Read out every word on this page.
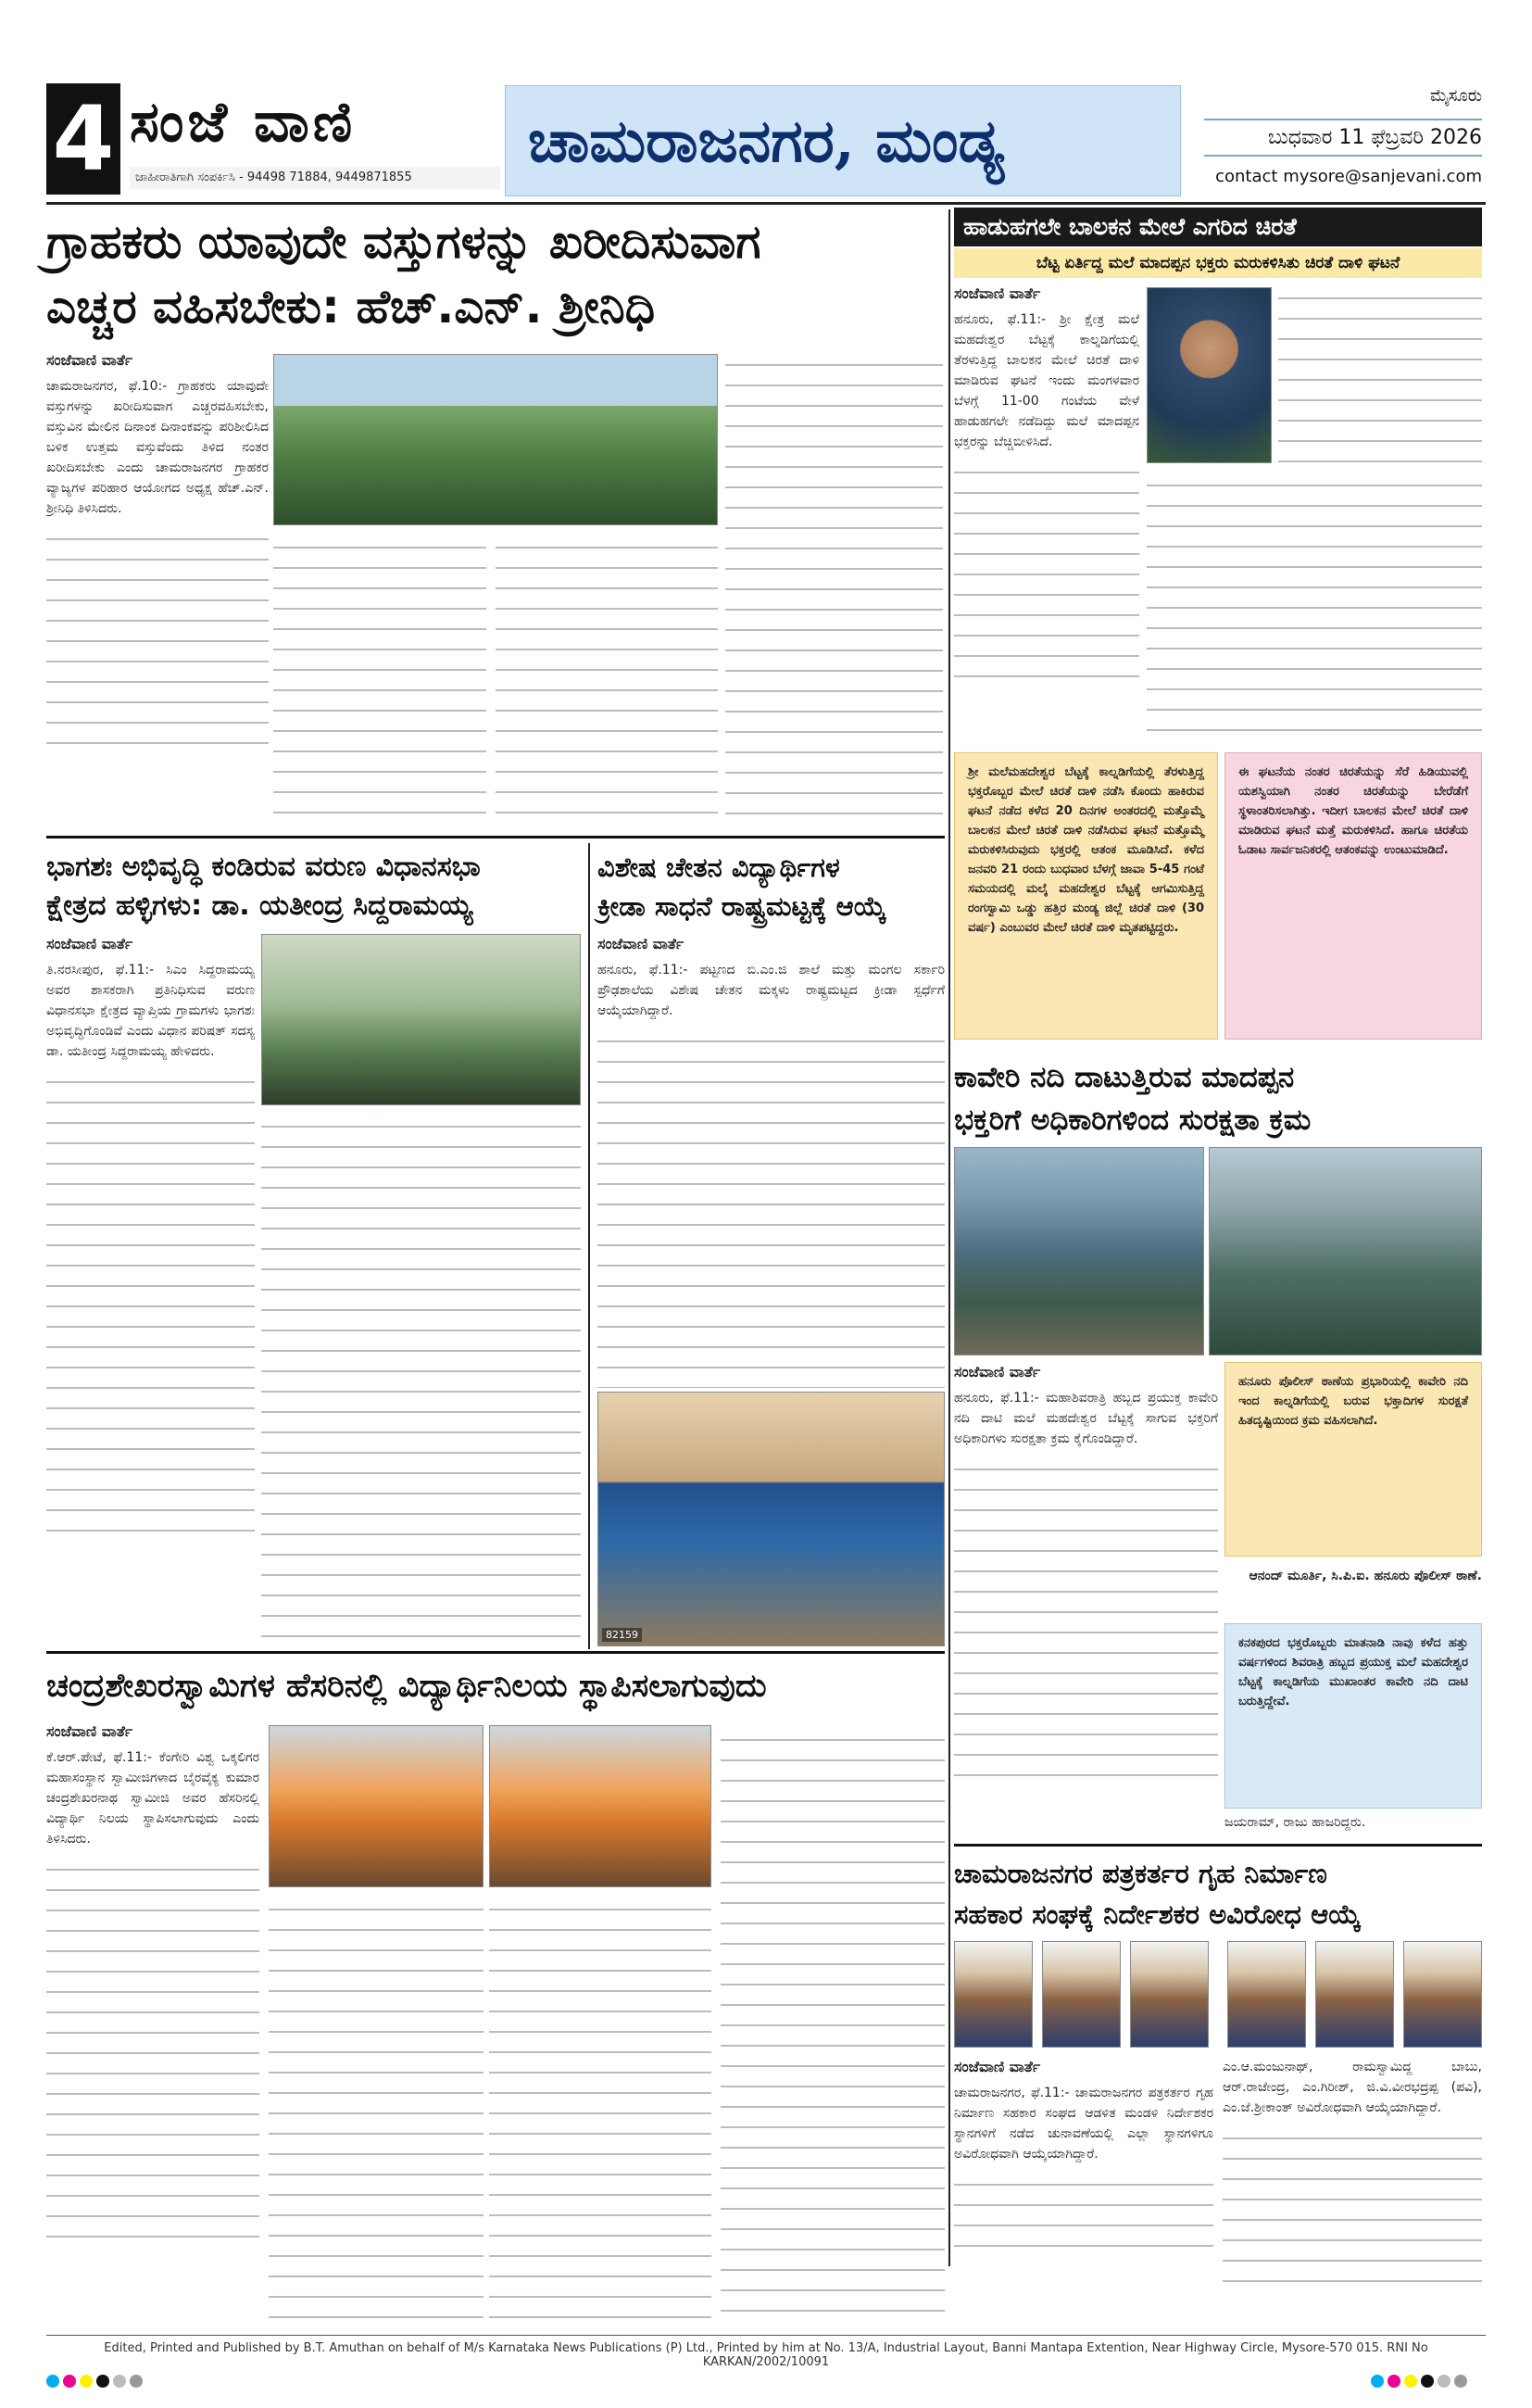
4 ಸಂಜೆ ವಾಣಿ
ಜಾಹೀರಾತಿಗಾಗಿ ಸಂಪರ್ಕಿಸಿ - 94498 71884, 9449871855
ಚಾಮರಾಜನಗರ, ಮಂಡ್ಯ
ಮೈಸೂರು
ಬುಧವಾರ 11 ಫೆಬ್ರವರಿ 2026
contact mysore@sanjevani.com
ಗ್ರಾಹಕರು ಯಾವುದೇ ವಸ್ತುಗಳನ್ನು ಖರೀದಿಸುವಾಗ
ಎಚ್ಚರ ವಹಿಸಬೇಕು: ಹೆಚ್.ಎನ್. ಶ್ರೀನಿಧಿ

ಸಂಜೆವಾಣಿ ವಾರ್ತೆ

ಚಾಮರಾಜನಗರ, ಫೆ.10:- ಗ್ರಾಹಕರು ಯಾವುದೇ ವಸ್ತುಗಳನ್ನು ಖರೀದಿಸುವಾಗ ಎಚ್ಚರವಹಿಸಬೇಕು, ವಸ್ತುವಿನ ಮೇಲಿನ ದಿನಾಂಕ ದಿನಾಂಕವನ್ನು ಪರಿಶೀಲಿಸಿದ ಬಳಿಕ ಉತ್ತಮ ವಸ್ತುವೆಂದು ತಿಳಿದ ನಂತರ ಖರೀದಿಸಬೇಕು ಎಂದು ಚಾಮರಾಜನಗರ ಗ್ರಾಹಕರ ವ್ಯಾಜ್ಯಗಳ ಪರಿಹಾರ ಆಯೋಗದ ಅಧ್ಯಕ್ಷ ಹೆಚ್.ಎನ್. ಶ್ರೀನಿಧಿ ತಿಳಿಸಿದರು.

ಹಾಡುಹಗಲೇ ಬಾಲಕನ ಮೇಲೆ ಎಗರಿದ ಚಿರತೆ
ಬೆಟ್ಟ ಏರ್ತಿದ್ದ ಮಲೆ ಮಾದಪ್ಪನ ಭಕ್ತರು ಮರುಕಳಿಸಿತು ಚಿರತೆ ದಾಳಿ ಘಟನೆ

ಸಂಜೆವಾಣಿ ವಾರ್ತೆ

ಹನೂರು, ಫೆ.11:- ಶ್ರೀ ಕ್ಷೇತ್ರ ಮಲೆ ಮಹದೇಶ್ವರ ಬೆಟ್ಟಕ್ಕೆ ಕಾಲ್ನಡಿಗೆಯಲ್ಲಿ ತೆರಳುತ್ತಿದ್ದ ಬಾಲಕನ ಮೇಲೆ ಚಿರತೆ ದಾಳಿ ಮಾಡಿರುವ ಘಟನೆ ಇಂದು ಮಂಗಳವಾರ ಬೆಳಗ್ಗೆ 11-00 ಗಂಟೆಯ ವೇಳೆ ಹಾಡುಹಗಲೇ ನಡೆದಿದ್ದು ಮಲೆ ಮಾದಪ್ಪನ ಭಕ್ತರನ್ನು ಬೆಚ್ಚಿಬೀಳಿಸಿದೆ.

ಶ್ರೀ ಮಲೆಮಹದೇಶ್ವರ ಬೆಟ್ಟಕ್ಕೆ ಕಾಲ್ನಡಿಗೆಯಲ್ಲಿ ತೆರಳುತ್ತಿದ್ದ ಭಕ್ತರೊಬ್ಬರ ಮೇಲೆ ಚಿರತೆ ದಾಳಿ ನಡೆಸಿ ಕೊಂದು ಹಾಕಿರುವ ಘಟನೆ ನಡೆದ ಕಳೆದ 20 ದಿನಗಳ ಅಂತರದಲ್ಲಿ ಮತ್ತೊಮ್ಮೆ ಬಾಲಕನ ಮೇಲೆ ಚಿರತೆ ದಾಳಿ ನಡೆಸಿರುವ ಘಟನೆ ಮತ್ತೊಮ್ಮೆ ಮರುಕಳಿಸಿರುವುದು ಭಕ್ತರಲ್ಲಿ ಆತಂಕ ಮೂಡಿಸಿದೆ. ಕಳೆದ ಜನವರಿ 21 ರಂದು ಬುಧವಾರ ಬೆಳಗ್ಗೆ ಜಾವಾ 5-45 ಗಂಟೆ ಸಮಯದಲ್ಲಿ ಮಲೈ ಮಹದೇಶ್ವರ ಬೆಟ್ಟಕ್ಕೆ ಆಗಮಿಸುತ್ತಿದ್ದ ರಂಗಸ್ವಾಮಿ ಒಡ್ಡು ಹತ್ತಿರ ಮಂಡ್ಯ ಜಿಲ್ಲೆ ಚಿರತೆ ದಾಳಿ (30 ವರ್ಷ) ಎಂಬುವರ ಮೇಲೆ ಚಿರತೆ ದಾಳಿ ಮೃತಪಟ್ಟಿದ್ದರು.
ಈ ಘಟನೆಯ ನಂತರ ಚಿರತೆಯನ್ನು ಸೆರೆ ಹಿಡಿಯುವಲ್ಲಿ ಯಶಸ್ವಿಯಾಗಿ ನಂತರ ಚಿರತೆಯನ್ನು ಬೇರೆಡೆಗೆ ಸ್ಥಳಾಂತರಿಸಲಾಗಿತ್ತು. ಇದೀಗ ಬಾಲಕನ ಮೇಲೆ ಚಿರತೆ ದಾಳಿ ಮಾಡಿರುವ ಘಟನೆ ಮತ್ತೆ ಮರುಕಳಿಸಿದೆ. ಹಾಗೂ ಚಿರತೆಯ ಓಡಾಟ ಸಾರ್ವಜನಿಕರಲ್ಲಿ ಆತಂಕವನ್ನು ಉಂಟುಮಾಡಿದೆ.
ಭಾಗಶಃ ಅಭಿವೃದ್ಧಿ ಕಂಡಿರುವ ವರುಣ ವಿಧಾನಸಭಾ
ಕ್ಷೇತ್ರದ ಹಳ್ಳಿಗಳು: ಡಾ. ಯತೀಂದ್ರ ಸಿದ್ದರಾಮಯ್ಯ

ಸಂಜೆವಾಣಿ ವಾರ್ತೆ

ತಿ.ನರಸೀಪುರ, ಫೆ.11:- ಸಿಎಂ ಸಿದ್ದರಾಮಯ್ಯ ಅವರ ಶಾಸಕರಾಗಿ ಪ್ರತಿನಿಧಿಸುವ ವರುಣ ವಿಧಾನಸಭಾ ಕ್ಷೇತ್ರದ ವ್ಯಾಪ್ತಿಯ ಗ್ರಾಮಗಳು ಭಾಗಶಃ ಅಭಿವೃದ್ಧಿಗೊಂಡಿವೆ ಎಂದು ವಿಧಾನ ಪರಿಷತ್ ಸದಸ್ಯ ಡಾ. ಯತೀಂದ್ರ ಸಿದ್ದರಾಮಯ್ಯ ಹೇಳಿದರು.

ವಿಶೇಷ ಚೇತನ ವಿದ್ಯಾರ್ಥಿಗಳ
ಕ್ರೀಡಾ ಸಾಧನೆ ರಾಷ್ಟ್ರಮಟ್ಟಕ್ಕೆ ಆಯ್ಕೆ

ಸಂಜೆವಾಣಿ ವಾರ್ತೆ

ಹನೂರು, ಫೆ.11:- ಪಟ್ಟಣದ ಬಿ.ಎಂ.ಜಿ ಶಾಲೆ ಮತ್ತು ಮಂಗಲ ಸರ್ಕಾರಿ ಪ್ರೌಢಶಾಲೆಯ ವಿಶೇಷ ಚೇತನ ಮಕ್ಕಳು ರಾಷ್ಟ್ರಮಟ್ಟದ ಕ್ರೀಡಾ ಸ್ಪರ್ಧೆಗೆ ಆಯ್ಕೆಯಾಗಿದ್ದಾರೆ.

82159
ಕಾವೇರಿ ನದಿ ದಾಟುತ್ತಿರುವ ಮಾದಪ್ಪನ
ಭಕ್ತರಿಗೆ ಅಧಿಕಾರಿಗಳಿಂದ ಸುರಕ್ಷತಾ ಕ್ರಮ

ಸಂಜೆವಾಣಿ ವಾರ್ತೆ

ಹನೂರು, ಫೆ.11:- ಮಹಾಶಿವರಾತ್ರಿ ಹಬ್ಬದ ಪ್ರಯುಕ್ತ ಕಾವೇರಿ ನದಿ ದಾಟಿ ಮಲೆ ಮಹದೇಶ್ವರ ಬೆಟ್ಟಕ್ಕೆ ಸಾಗುವ ಭಕ್ತರಿಗೆ ಅಧಿಕಾರಿಗಳು ಸುರಕ್ಷತಾ ಕ್ರಮ ಕೈಗೊಂಡಿದ್ದಾರೆ.

ಹನೂರು ಪೊಲೀಸ್ ಠಾಣೆಯ ಪ್ರಭಾರಿಯಲ್ಲಿ ಕಾವೇರಿ ನದಿ ಇಂದ ಕಾಲ್ನಡಿಗೆಯಲ್ಲಿ ಬರುವ ಭಕ್ತಾದಿಗಳ ಸುರಕ್ಷತೆ ಹಿತದೃಷ್ಟಿಯಿಂದ ಕ್ರಮ ವಹಿಸಲಾಗಿದೆ.
ಆನಂದ್ ಮೂರ್ತಿ, ಸಿ.ಪಿ.ಐ. ಹನೂರು ಪೊಲೀಸ್ ಠಾಣೆ.
ಕನಕಪುರದ ಭಕ್ತರೊಬ್ಬರು ಮಾತನಾಡಿ ನಾವು ಕಳೆದ ಹತ್ತು ವರ್ಷಗಳಿಂದ ಶಿವರಾತ್ರಿ ಹಬ್ಬದ ಪ್ರಯುಕ್ತ ಮಲೆ ಮಹದೇಶ್ವರ ಬೆಟ್ಟಕ್ಕೆ ಕಾಲ್ನಡಿಗೆಯ ಮುಖಾಂತರ ಕಾವೇರಿ ನದಿ ದಾಟಿ ಬರುತ್ತಿದ್ದೇವೆ.
ಜಯರಾಮ್, ರಾಜು ಹಾಜರಿದ್ದರು.
ಚಂದ್ರಶೇಖರಸ್ವಾಮಿಗಳ ಹೆಸರಿನಲ್ಲಿ ವಿದ್ಯಾರ್ಥಿನಿಲಯ ಸ್ಥಾಪಿಸಲಾಗುವುದು

ಸಂಜೆವಾಣಿ ವಾರ್ತೆ

ಕೆ.ಆರ್.ಪೇಟೆ, ಫೆ.11:- ಕೆಂಗೇರಿ ವಿಶ್ವ ಒಕ್ಕಲಿಗರ ಮಹಾಸಂಸ್ಥಾನ ಸ್ವಾಮೀಜಿಗಳಾದ ಬೈರವೈಕ್ಯ ಕುಮಾರ ಚಂದ್ರಶೇಖರನಾಥ ಸ್ವಾಮೀಜಿ ಅವರ ಹೆಸರಿನಲ್ಲಿ ವಿದ್ಯಾರ್ಥಿ ನಿಲಯ ಸ್ಥಾಪಿಸಲಾಗುವುದು ಎಂದು ತಿಳಿಸಿದರು.

ಚಾಮರಾಜನಗರ ಪತ್ರಕರ್ತರ ಗೃಹ ನಿರ್ಮಾಣ
ಸಹಕಾರ ಸಂಘಕ್ಕೆ ನಿರ್ದೇಶಕರ ಅವಿರೋಧ ಆಯ್ಕೆ

ಸಂಜೆವಾಣಿ ವಾರ್ತೆ

ಚಾಮರಾಜನಗರ, ಫೆ.11:- ಚಾಮರಾಜನಗರ ಪತ್ರಕರ್ತರ ಗೃಹ ನಿರ್ಮಾಣ ಸಹಕಾರ ಸಂಘದ ಆಡಳಿತ ಮಂಡಳಿ ನಿರ್ದೇಶಕರ ಸ್ಥಾನಗಳಿಗೆ ನಡೆದ ಚುನಾವಣೆಯಲ್ಲಿ ಎಲ್ಲಾ ಸ್ಥಾನಗಳಿಗೂ ಅವಿರೋಧವಾಗಿ ಆಯ್ಕೆಯಾಗಿದ್ದಾರೆ.

ಎಂ.ಆ.ಮಂಜುನಾಥ್, ರಾಮಸ್ವಾಮಿದ್ದ ಬಾಬು, ಆರ್.ರಾಜೇಂದ್ರ, ಎಂ.ಗಿರೀಶ್, ಜಿ.ವಿ.ವೀರಭದ್ರಪ್ಪ (ಪವಿ), ಎಂ.ಜೆ.ಶ್ರೀಕಾಂತ್ ಅವಿರೋಧವಾಗಿ ಆಯ್ಕೆಯಾಗಿದ್ದಾರೆ.

Edited, Printed and Published by B.T. Amuthan on behalf of M/s Karnataka News Publications (P) Ltd., Printed by him at No. 13/A, Industrial Layout, Banni Mantapa Extention, Near Highway Circle, Mysore-570 015. RNI No KARKAN/2002/10091
